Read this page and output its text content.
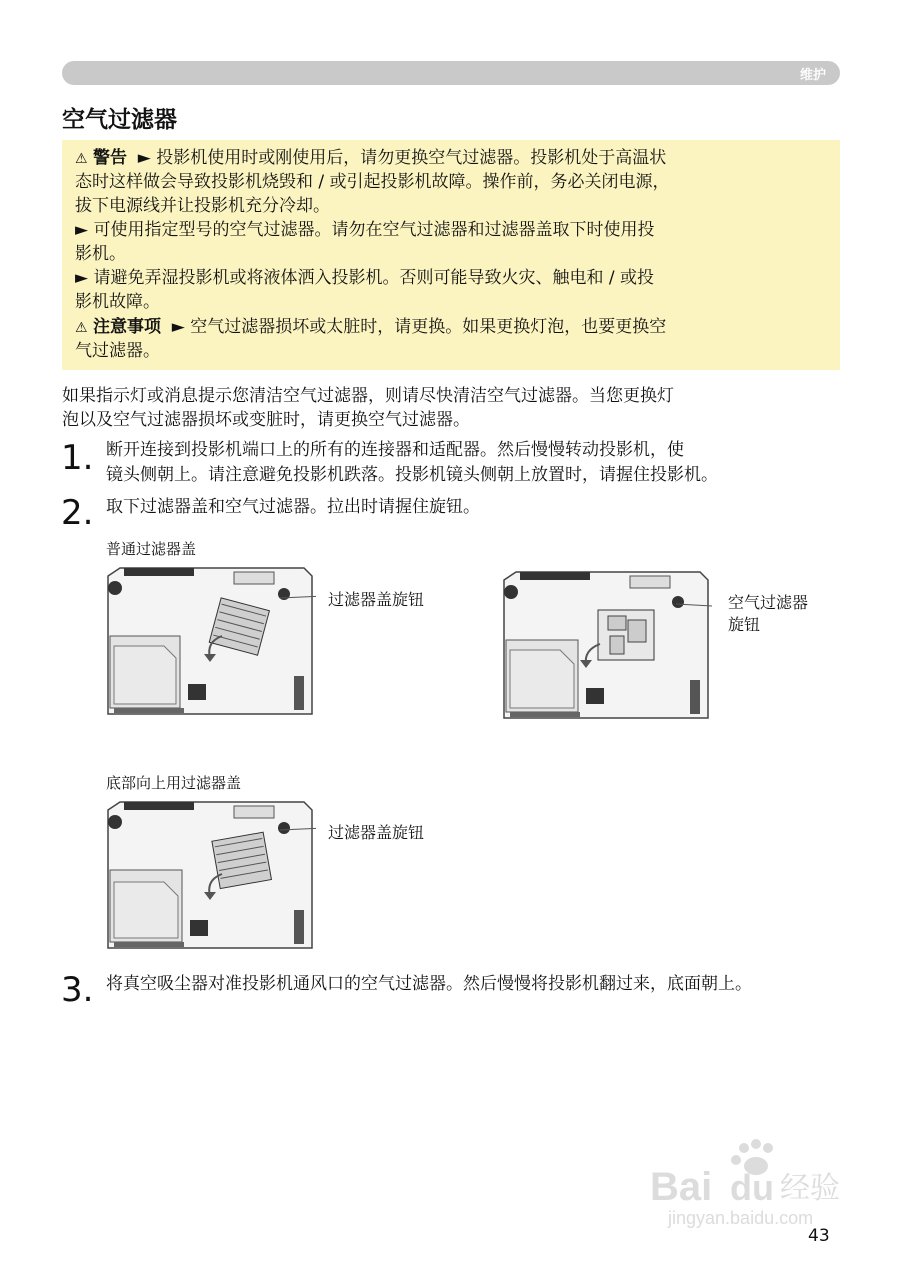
维护
空气过滤器

⚠ 警告 ► 投影机使用时或刚使用后，请勿更换空气过滤器。投影机处于高温状

态时这样做会导致投影机烧毁和 / 或引起投影机故障。操作前，务必关闭电源，

拔下电源线并让投影机充分冷却。

► 可使用指定型号的空气过滤器。请勿在空气过滤器和过滤器盖取下时使用投

影机。

► 请避免弄湿投影机或将液体洒入投影机。否则可能导致火灾、触电和 / 或投

影机故障。

⚠ 注意事项 ► 空气过滤器损坏或太脏时，请更换。如果更换灯泡，也要更换空

气过滤器。

如果指示灯或消息提示您清洁空气过滤器，则请尽快清洁空气过滤器。当您更换灯
泡以及空气过滤器损坏或变脏时，请更换空气过滤器。

1. 断开连接到投影机端口上的所有的连接器和适配器。然后慢慢转动投影机，使
镜头侧朝上。请注意避免投影机跌落。投影机镜头侧朝上放置时，请握住投影机。

2. 取下过滤器盖和空气过滤器。拉出时请握住旋钮。

普通过滤器盖

过滤器盖旋钮	空气过滤器
旋钮

底部向上用过滤器盖

过滤器盖旋钮

3. 将真空吸尘器对准投影机通风口的空气过滤器。然后慢慢将投影机翻过来，底面朝上。

Bai du 经验
jingyan.baidu.com
43
